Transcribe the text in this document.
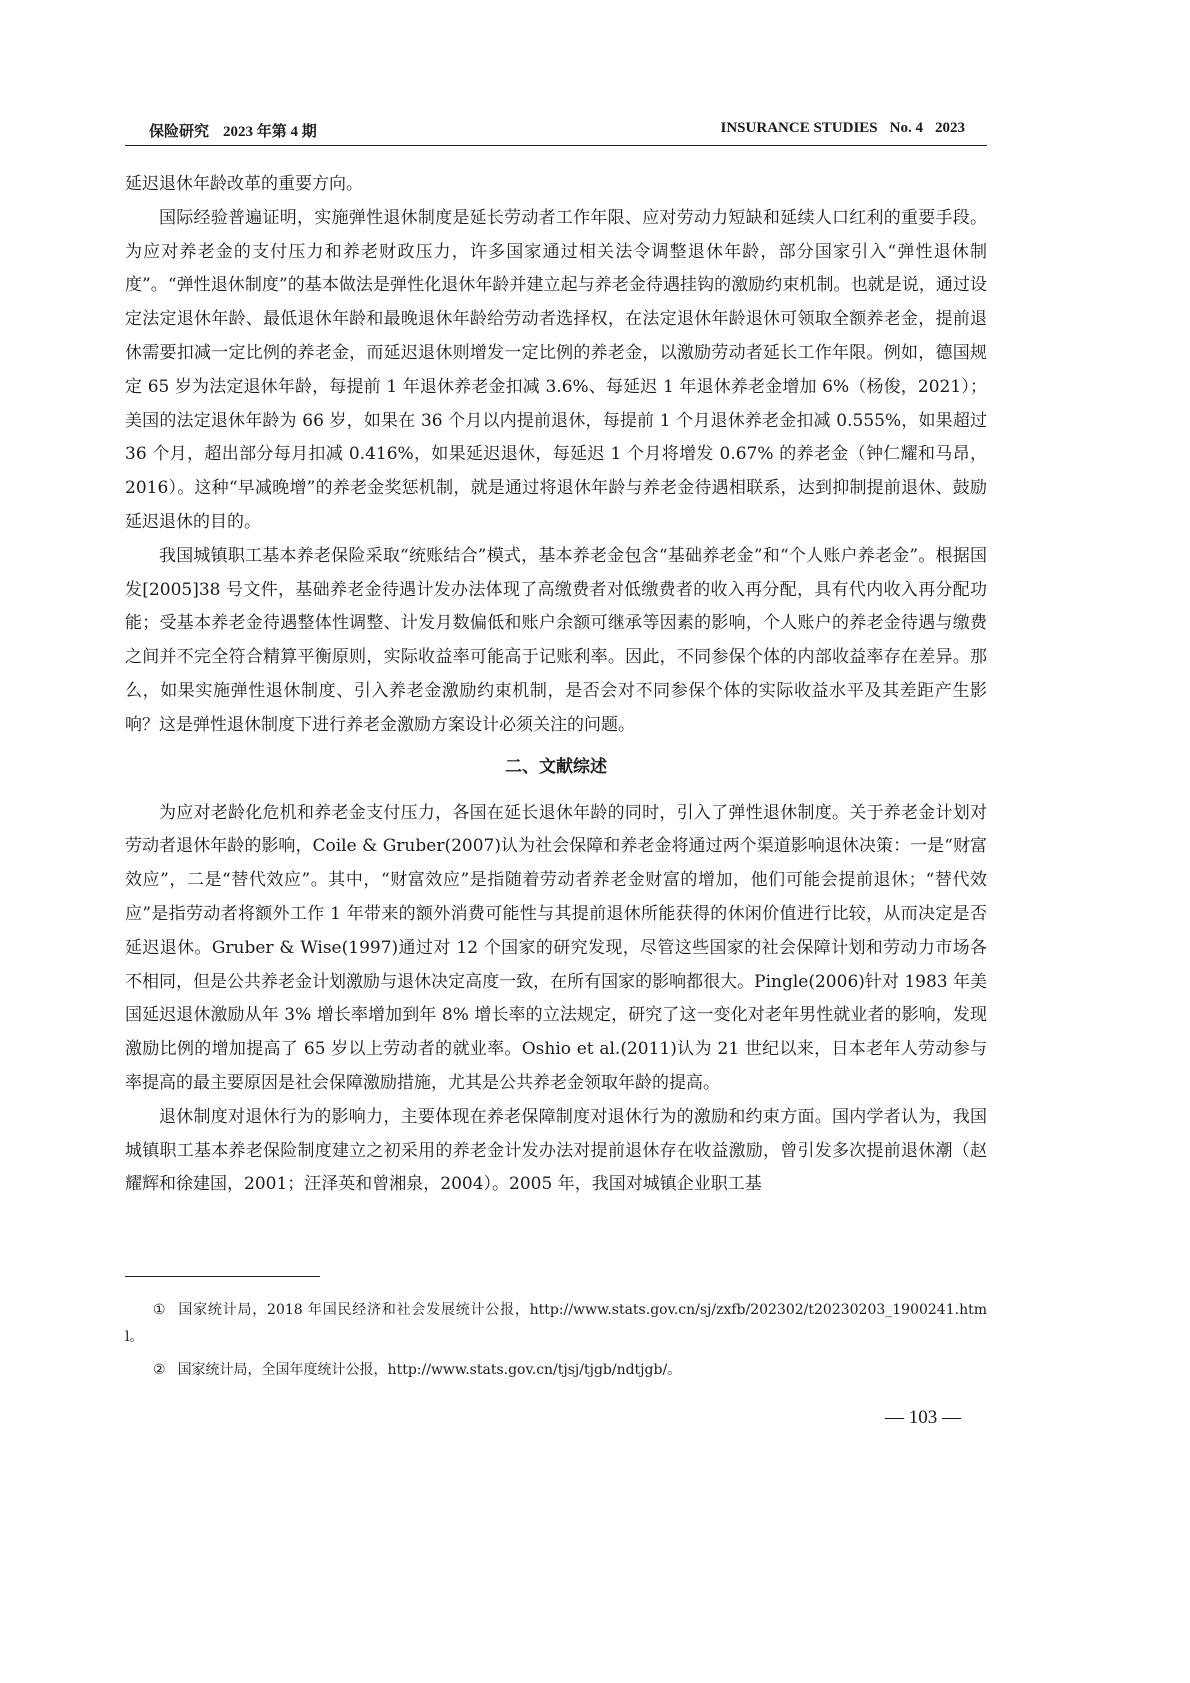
保险研究 2023 年第 4 期	INSURANCE STUDIES No. 4 2023

延迟退休年龄改革的重要方向。

国际经验普遍证明，实施弹性退休制度是延长劳动者工作年限、应对劳动力短缺和延续人口红利的重要手段。为应对养老金的支付压力和养老财政压力，许多国家通过相关法令调整退休年龄，部分国家引入“弹性退休制度”。“弹性退休制度”的基本做法是弹性化退休年龄并建立起与养老金待遇挂钩的激励约束机制。也就是说，通过设定法定退休年龄、最低退休年龄和最晚退休年龄给劳动者选择权，在法定退休年龄退休可领取全额养老金，提前退休需要扣减一定比例的养老金，而延迟退休则增发一定比例的养老金，以激励劳动者延长工作年限。例如，德国规定 65 岁为法定退休年龄，每提前 1 年退休养老金扣减 3.6%、每延迟 1 年退休养老金增加 6%（杨俊，2021）；美国的法定退休年龄为 66 岁，如果在 36 个月以内提前退休，每提前 1 个月退休养老金扣减 0.555%，如果超过 36 个月，超出部分每月扣减 0.416%，如果延迟退休，每延迟 1 个月将增发 0.67% 的养老金（钟仁耀和马昂，2016）。这种“早减晚增”的养老金奖惩机制，就是通过将退休年龄与养老金待遇相联系，达到抑制提前退休、鼓励延迟退休的目的。

我国城镇职工基本养老保险采取“统账结合”模式，基本养老金包含“基础养老金”和“个人账户养老金”。根据国发[2005]38 号文件，基础养老金待遇计发办法体现了高缴费者对低缴费者的收入再分配，具有代内收入再分配功能；受基本养老金待遇整体性调整、计发月数偏低和账户余额可继承等因素的影响，个人账户的养老金待遇与缴费之间并不完全符合精算平衡原则，实际收益率可能高于记账利率。因此，不同参保个体的内部收益率存在差异。那么，如果实施弹性退休制度、引入养老金激励约束机制，是否会对不同参保个体的实际收益水平及其差距产生影响？这是弹性退休制度下进行养老金激励方案设计必须关注的问题。

二、文献综述

为应对老龄化危机和养老金支付压力，各国在延长退休年龄的同时，引入了弹性退休制度。关于养老金计划对劳动者退休年龄的影响，Coile & Gruber(2007)认为社会保障和养老金将通过两个渠道影响退休决策：一是“财富效应”，二是“替代效应”。其中，“财富效应”是指随着劳动者养老金财富的增加，他们可能会提前退休；“替代效应”是指劳动者将额外工作 1 年带来的额外消费可能性与其提前退休所能获得的休闲价值进行比较，从而决定是否延迟退休。Gruber & Wise(1997)通过对 12 个国家的研究发现，尽管这些国家的社会保障计划和劳动力市场各不相同，但是公共养老金计划激励与退休决定高度一致，在所有国家的影响都很大。Pingle(2006)针对 1983 年美国延迟退休激励从年 3% 增长率增加到年 8% 增长率的立法规定，研究了这一变化对老年男性就业者的影响，发现激励比例的增加提高了 65 岁以上劳动者的就业率。Oshio et al.(2011)认为 21 世纪以来，日本老年人劳动参与率提高的最主要原因是社会保障激励措施，尤其是公共养老金领取年龄的提高。

退休制度对退休行为的影响力，主要体现在养老保障制度对退休行为的激励和约束方面。国内学者认为，我国城镇职工基本养老保险制度建立之初采用的养老金计发办法对提前退休存在收益激励，曾引发多次提前退休潮（赵耀辉和徐建国，2001；汪泽英和曾湘泉，2004）。2005 年，我国对城镇企业职工基

① 国家统计局，2018 年国民经济和社会发展统计公报，http://www.stats.gov.cn/sj/zxfb/202302/t20230203_1900241.html。

② 国家统计局，全国年度统计公报，http://www.stats.gov.cn/tjsj/tjgb/ndtjgb/。

— 103 —
